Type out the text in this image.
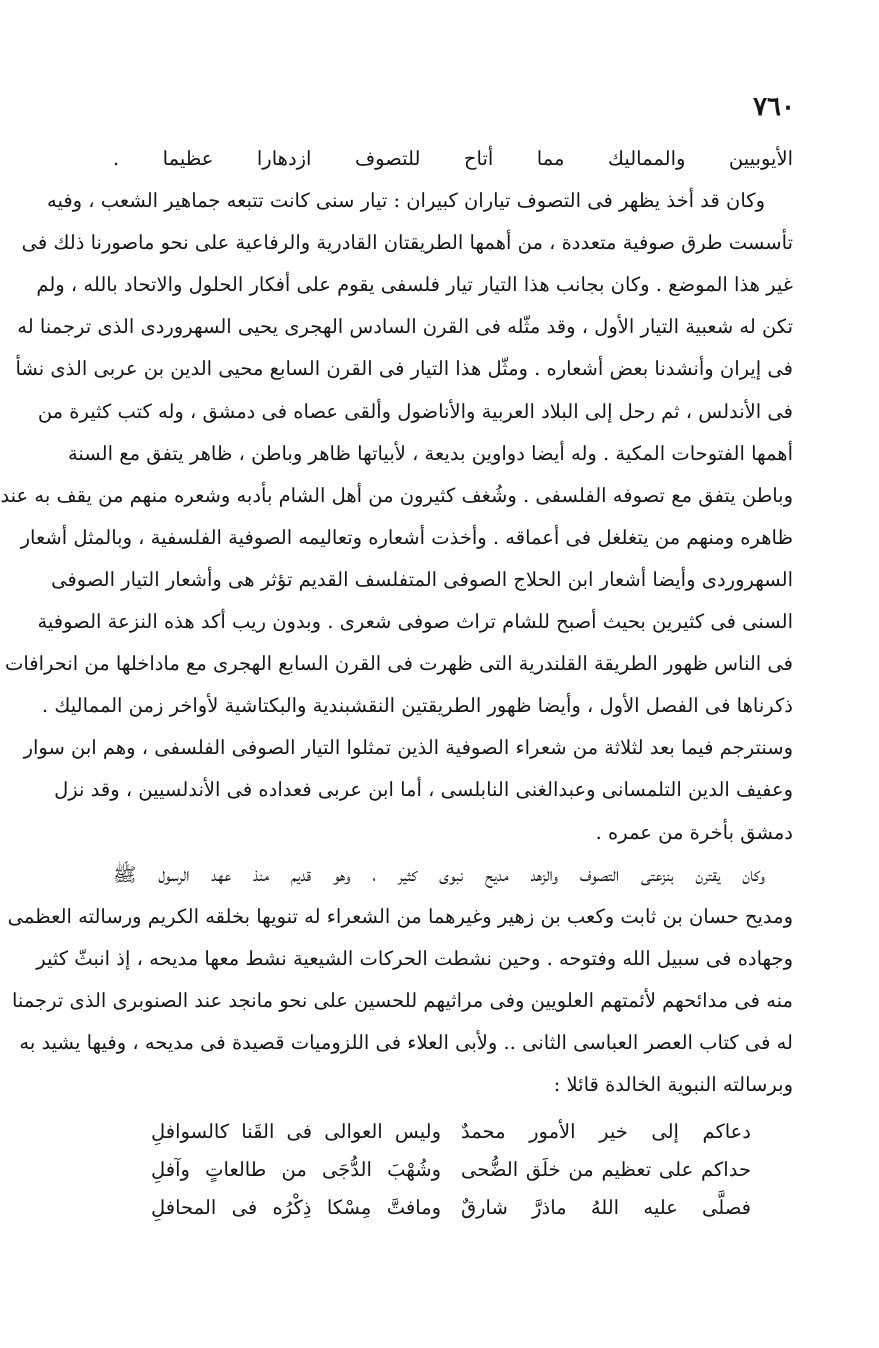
٧٦٠
الأيوبيين والمماليك مما أتاح للتصوف ازدهارا عظيما .
وكان قد أخذ يظهر فى التصوف تياران كبيران : تيار سنى كانت تتبعه جماهير الشعب ، وفيه
تأسست طرق صوفية متعددة ، من أهمها الطريقتان القادرية والرفاعية على نحو ماصورنا ذلك فى
غير هذا الموضع . وكان بجانب هذا التيار تيار فلسفى يقوم على أفكار الحلول والاتحاد بالله ، ولم
تكن له شعبية التيار الأول ، وقد مثّله فى القرن السادس الهجرى يحيى السهروردى الذى ترجمنا له
فى إيران وأنشدنا بعض أشعاره . ومثّل هذا التيار فى القرن السابع محيى الدين بن عربى الذى نشأ
فى الأندلس ، ثم رحل إلى البلاد العربية والأناضول وألقى عصاه فى دمشق ، وله كتب كثيرة من
أهمها الفتوحات المكية . وله أيضا دواوين بديعة ، لأبياتها ظاهر وباطن ، ظاهر يتفق مع السنة
وباطن يتفق مع تصوفه الفلسفى . وشُغف كثيرون من أهل الشام بأدبه وشعره منهم من يقف به عند
ظاهره ومنهم من يتغلغل فى أعماقه . وأخذت أشعاره وتعاليمه الصوفية الفلسفية ، وبالمثل أشعار
السهروردى وأيضا أشعار ابن الحلاج الصوفى المتفلسف القديم تؤثر هى وأشعار التيار الصوفى
السنى فى كثيرين بحيث أصبح للشام تراث صوفى شعرى . وبدون ريب أكد هذه النزعة الصوفية
فى الناس ظهور الطريقة القلندرية التى ظهرت فى القرن السابع الهجرى مع ماداخلها من انحرافات
ذكرناها فى الفصل الأول ، وأيضا ظهور الطريقتين النقشبندية والبكتاشية لأواخر زمن المماليك .
وسنترجم فيما بعد لثلاثة من شعراء الصوفية الذين تمثلوا التيار الصوفى الفلسفى ، وهم ابن سوار
وعفيف الدين التلمسانى وعبدالغنى النابلسى ، أما ابن عربى فعداده فى الأندلسيين ، وقد نزل
دمشق بأخرة من عمره .
وكان يقترن بنزعتى التصوف والزهد مديح نبوى كثير ، وهو قديم منذ عهد الرسول ﷺ
ومديح حسان بن ثابت وكعب بن زهير وغيرهما من الشعراء له تنويها بخلقه الكريم ورسالته العظمى
وجهاده فى سبيل الله وفتوحه . وحين نشطت الحركات الشيعية نشط معها مديحه ، إذ انبثّ كثير
منه فى مدائحهم لأئمتهم العلويين وفى مراثيهم للحسين على نحو مانجد عند الصنوبرى الذى ترجمنا
له فى كتاب العصر العباسى الثانى .. ولأبى العلاء فى اللزوميات قصيدة فى مديحه ، وفيها يشيد به
وبرسالته النبوية الخالدة قائلا :
دعاكم إلى خير الأمور محمدٌ
وليس العوالى فى القَنا كالسوافلِ
حداكم على تعظيم من خلَق الضُّحى
وشُهْبَ الدُّجَى من طالعاتٍ وآفلِ
فصلَّى عليه اللهُ ماذرَّ شارقٌ
ومافتَّ مِسْكا ذِكْرُه فى المحافلِ
